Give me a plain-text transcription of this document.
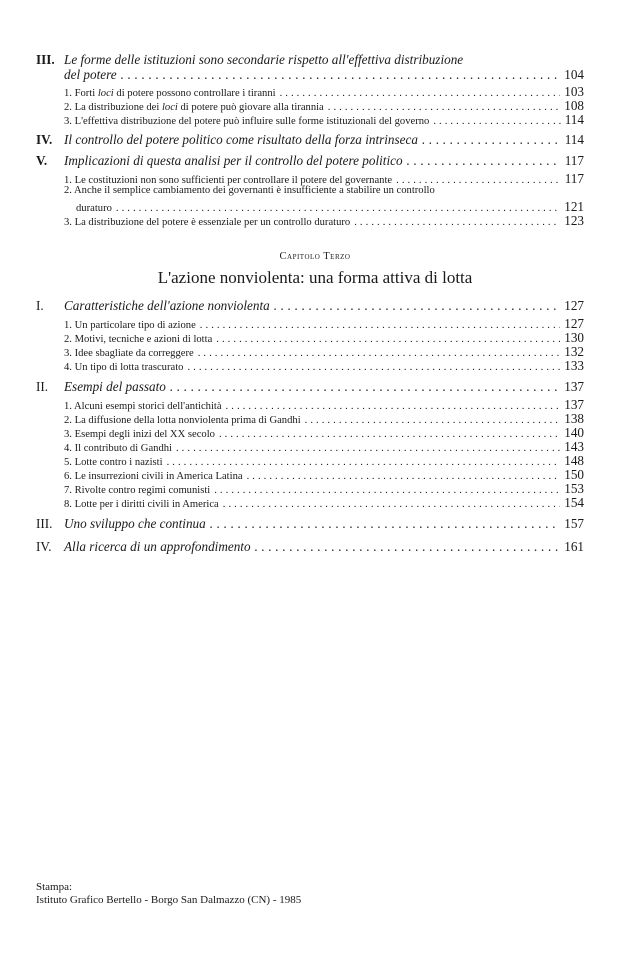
III. Le forme delle istituzioni sono secondarie rispetto all'effettiva distribuzione
del potere . . .	104
1. Forti loci di potere possono controllare i tiranni . . .	103
2. La distribuzione dei loci di potere può giovare alla tirannia . . .	108
3. L'effettiva distribuzione del potere può influire sulle forme istituzionali del governo . . .	114
IV. Il controllo del potere politico come risultato della forza intrinseca . . .	114
V. Implicazioni di questa analisi per il controllo del potere politico . . .	117
1. Le costituzioni non sono sufficienti per controllare il potere del governante . . .	117
2. Anche il semplice cambiamento dei governanti è insufficiente a stabilire un controllo
duraturo . . .	121
3. La distribuzione del potere è essenziale per un controllo duraturo . . .	123
Capitolo Terzo
L'azione nonviolenta: una forma attiva di lotta
I. Caratteristiche dell'azione nonviolenta . . .	127
1. Un particolare tipo di azione . . .	127
2. Motivi, tecniche e azioni di lotta . . .	130
3. Idee sbagliate da correggere . . .	132
4. Un tipo di lotta trascurato . . .	133
II. Esempi del passato . . .	137
1. Alcuni esempi storici dell'antichità . . .	137
2. La diffusione della lotta nonviolenta prima di Gandhi . . .	138
3. Esempi degli inizi del XX secolo . . .	140
4. Il contributo di Gandhi . . .	143
5. Lotte contro i nazisti . . .	148
6. Le insurrezioni civili in America Latina . . .	150
7. Rivolte contro regimi comunisti . . .	153
8. Lotte per i diritti civili in America . . .	154
III. Uno sviluppo che continua . . .	157
IV. Alla ricerca di un approfondimento . . .	161
Stampa:
Istituto Grafico Bertello - Borgo San Dalmazzo (CN) - 1985
